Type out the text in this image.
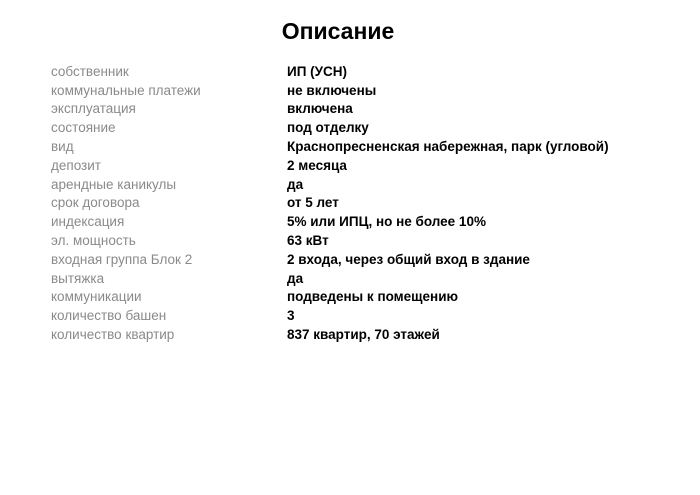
Описание
собственник	ИП (УСН)
коммунальные платежи	не включены
эксплуатация	включена
состояние	под отделку
вид	Краснопресненская набережная, парк (угловой)
депозит	2 месяца
арендные каникулы	да
срок договора	от 5 лет
индексация	5% или ИПЦ, но не более 10%
эл. мощность	63 кВт
входная группа Блок 2	2 входа, через общий вход в здание
вытяжка	да
коммуникации	подведены к помещению
количество башен	3
количество квартир	837 квартир, 70 этажей
